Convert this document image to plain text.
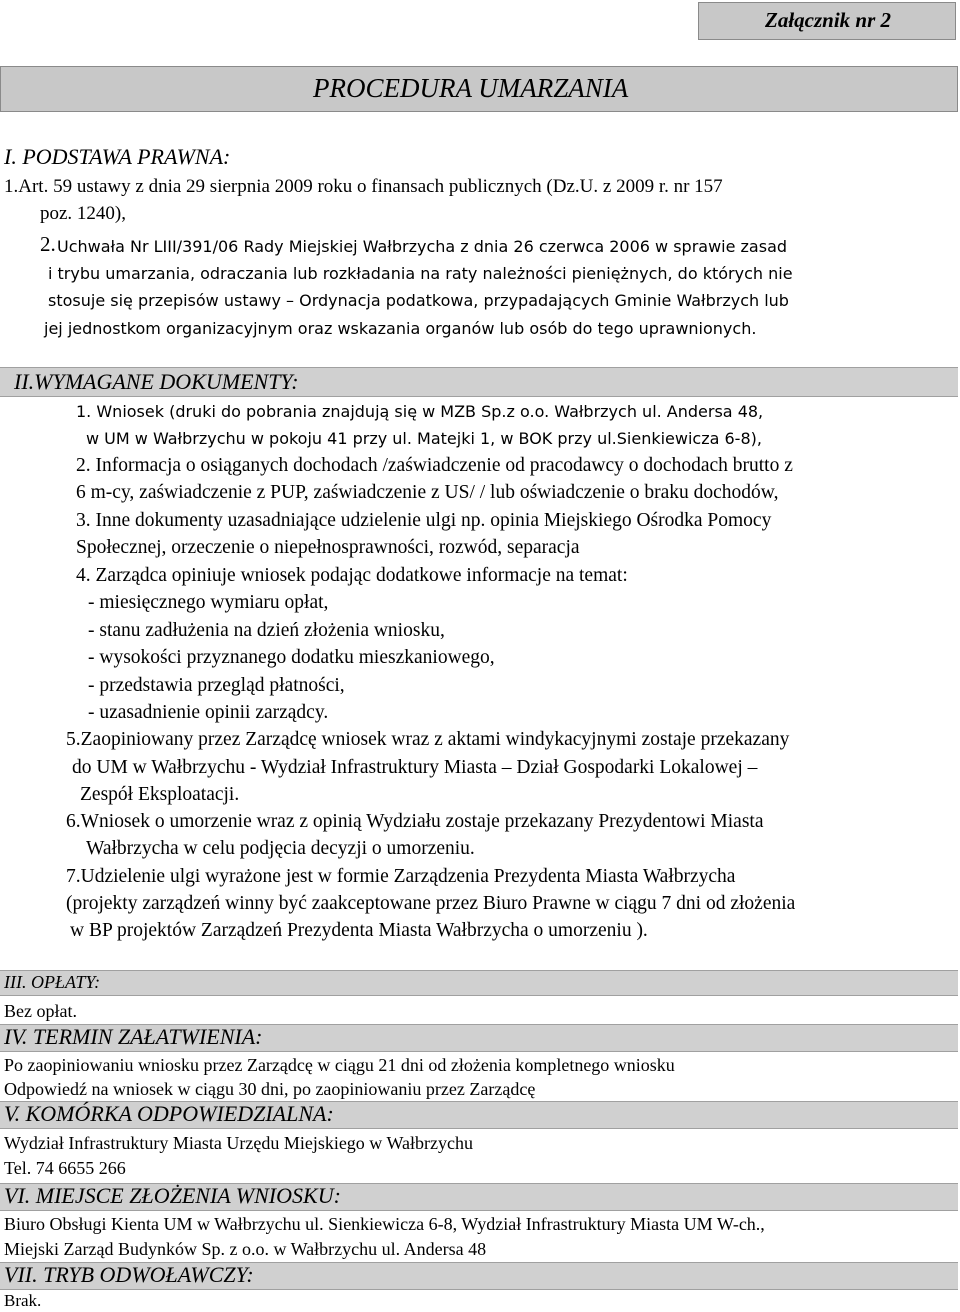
Załącznik nr 2
PROCEDURA UMARZANIA
I. PODSTAWA PRAWNA:
1.Art. 59 ustawy z dnia 29 sierpnia 2009 roku o finansach publicznych (Dz.U. z 2009 r. nr 157
poz. 1240),
2. Uchwała Nr LIII/391/06 Rady Miejskiej Wałbrzycha z dnia 26 czerwca 2006 w sprawie zasad
i trybu umarzania, odraczania lub rozkładania na raty należności pieniężnych, do których nie
stosuje się przepisów ustawy – Ordynacja podatkowa, przypadających Gminie Wałbrzych lub
jej jednostkom organizacyjnym oraz wskazania organów lub osób do tego uprawnionych.
II.WYMAGANE DOKUMENTY:
1. Wniosek (druki do pobrania znajdują się w MZB Sp.z o.o. Wałbrzych ul. Andersa 48,
w UM w Wałbrzychu w pokoju 41 przy ul. Matejki 1, w BOK przy ul.Sienkiewicza 6-8),
2. Informacja o osiąganych dochodach /zaświadczenie od pracodawcy o dochodach brutto z
6 m-cy, zaświadczenie z PUP, zaświadczenie z US/ / lub oświadczenie o braku dochodów,
3. Inne dokumenty uzasadniające udzielenie ulgi np. opinia Miejskiego Ośrodka Pomocy
Społecznej, orzeczenie o niepełnosprawności, rozwód, separacja
4. Zarządca opiniuje wniosek podając dodatkowe informacje na temat:
- miesięcznego wymiaru opłat,
- stanu zadłużenia na dzień złożenia wniosku,
- wysokości przyznanego dodatku mieszkaniowego,
- przedstawia przegląd płatności,
- uzasadnienie opinii zarządcy.
5.Zaopiniowany przez Zarządcę wniosek wraz z aktami windykacyjnymi zostaje przekazany
do UM w Wałbrzychu - Wydział Infrastruktury Miasta – Dział Gospodarki Lokalowej –
Zespół Eksploatacji.
6.Wniosek o umorzenie wraz z opinią Wydziału zostaje przekazany Prezydentowi Miasta
Wałbrzycha w celu podjęcia decyzji o umorzeniu.
7.Udzielenie ulgi wyrażone jest w formie Zarządzenia Prezydenta Miasta Wałbrzycha
(projekty zarządzeń winny być zaakceptowane przez Biuro Prawne w ciągu 7 dni od złożenia
w BP projektów Zarządzeń Prezydenta Miasta Wałbrzycha o umorzeniu ).
III. OPŁATY:
Bez opłat.
IV. TERMIN ZAŁATWIENIA:
Po zaopiniowaniu wniosku przez Zarządcę w ciągu 21 dni od złożenia kompletnego wniosku
Odpowiedź na wniosek w ciągu 30 dni, po zaopiniowaniu przez Zarządcę
V. KOMÓRKA ODPOWIEDZIALNA:
Wydział Infrastruktury Miasta Urzędu Miejskiego w Wałbrzychu
Tel. 74 6655 266
VI. MIEJSCE ZŁOŻENIA WNIOSKU:
Biuro Obsługi Kienta UM w Wałbrzychu ul. Sienkiewicza 6-8, Wydział Infrastruktury Miasta UM W-ch.,
Miejski Zarząd Budynków Sp. z o.o. w Wałbrzychu ul. Andersa 48
VII. TRYB ODWOŁAWCZY:
Brak.
